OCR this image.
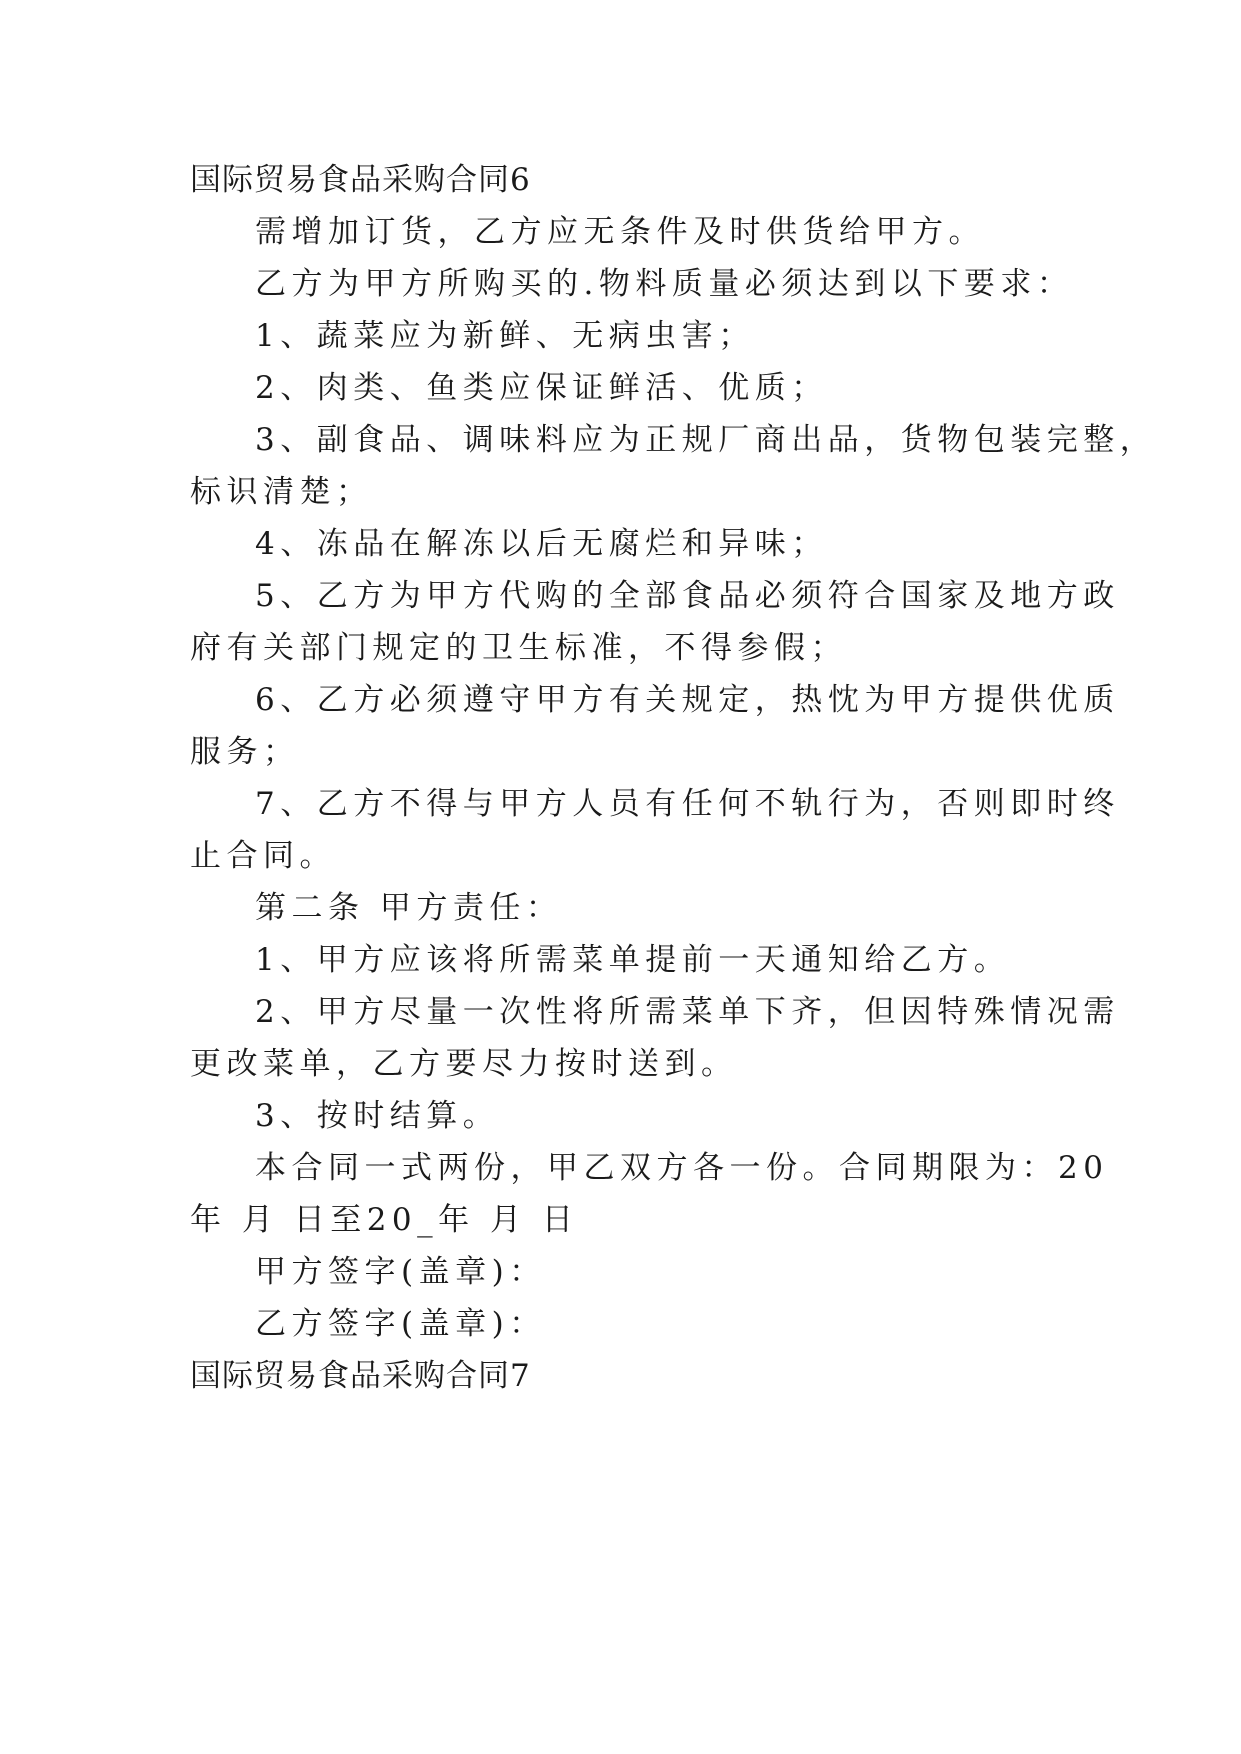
国际贸易食品采购合同6
需增加订货，乙方应无条件及时供货给甲方。
乙方为甲方所购买的.物料质量必须达到以下要求：
1、蔬菜应为新鲜、无病虫害；
2、肉类、鱼类应保证鲜活、优质；
3、副食品、调味料应为正规厂商出品，货物包装完整，
标识清楚；
4、冻品在解冻以后无腐烂和异味；
5、乙方为甲方代购的全部食品必须符合国家及地方政
府有关部门规定的卫生标准，不得参假；
6、乙方必须遵守甲方有关规定，热忱为甲方提供优质
服务；
7、乙方不得与甲方人员有任何不轨行为，否则即时终
止合同。
第二条 甲方责任：
1、甲方应该将所需菜单提前一天通知给乙方。
2、甲方尽量一次性将所需菜单下齐，但因特殊情况需
更改菜单，乙方要尽力按时送到。
3、按时结算。
本合同一式两份，甲乙双方各一份。合同期限为：20
年 月 日至20_年 月 日
甲方签字(盖章)：
乙方签字(盖章)：
国际贸易食品采购合同7
